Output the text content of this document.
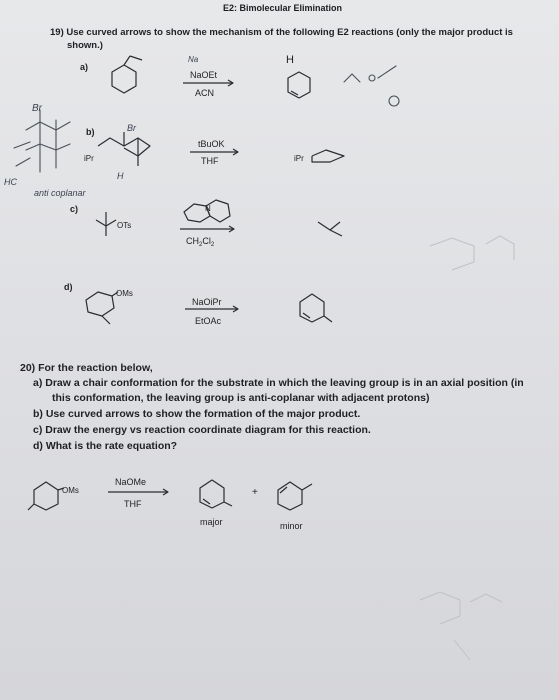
E2: Bimolecular Elimination
19) Use curved arrows to show the mechanism of the following E2 reactions (only the major product is
shown.)
a)
NaOEt
ACN
H
Na
b)
iPr
tBuOK
THF	iPr
c)
OTs
$CH_2Cl_2$
N
d)
OMs
NaOiPr
EtOAc
Br
Br
HC
anti coplanar
H
20) For the reaction below,
a) Draw a chair conformation for the substrate in which the leaving group is in an axial position (in
this conformation, the leaving group is anti-coplanar with adjacent protons)
b) Use curved arrows to show the formation of the major product.
c) Draw the energy vs reaction coordinate diagram for this reaction.
d) What is the rate equation?
OMs
NaOMe
THF
+
major	minor
